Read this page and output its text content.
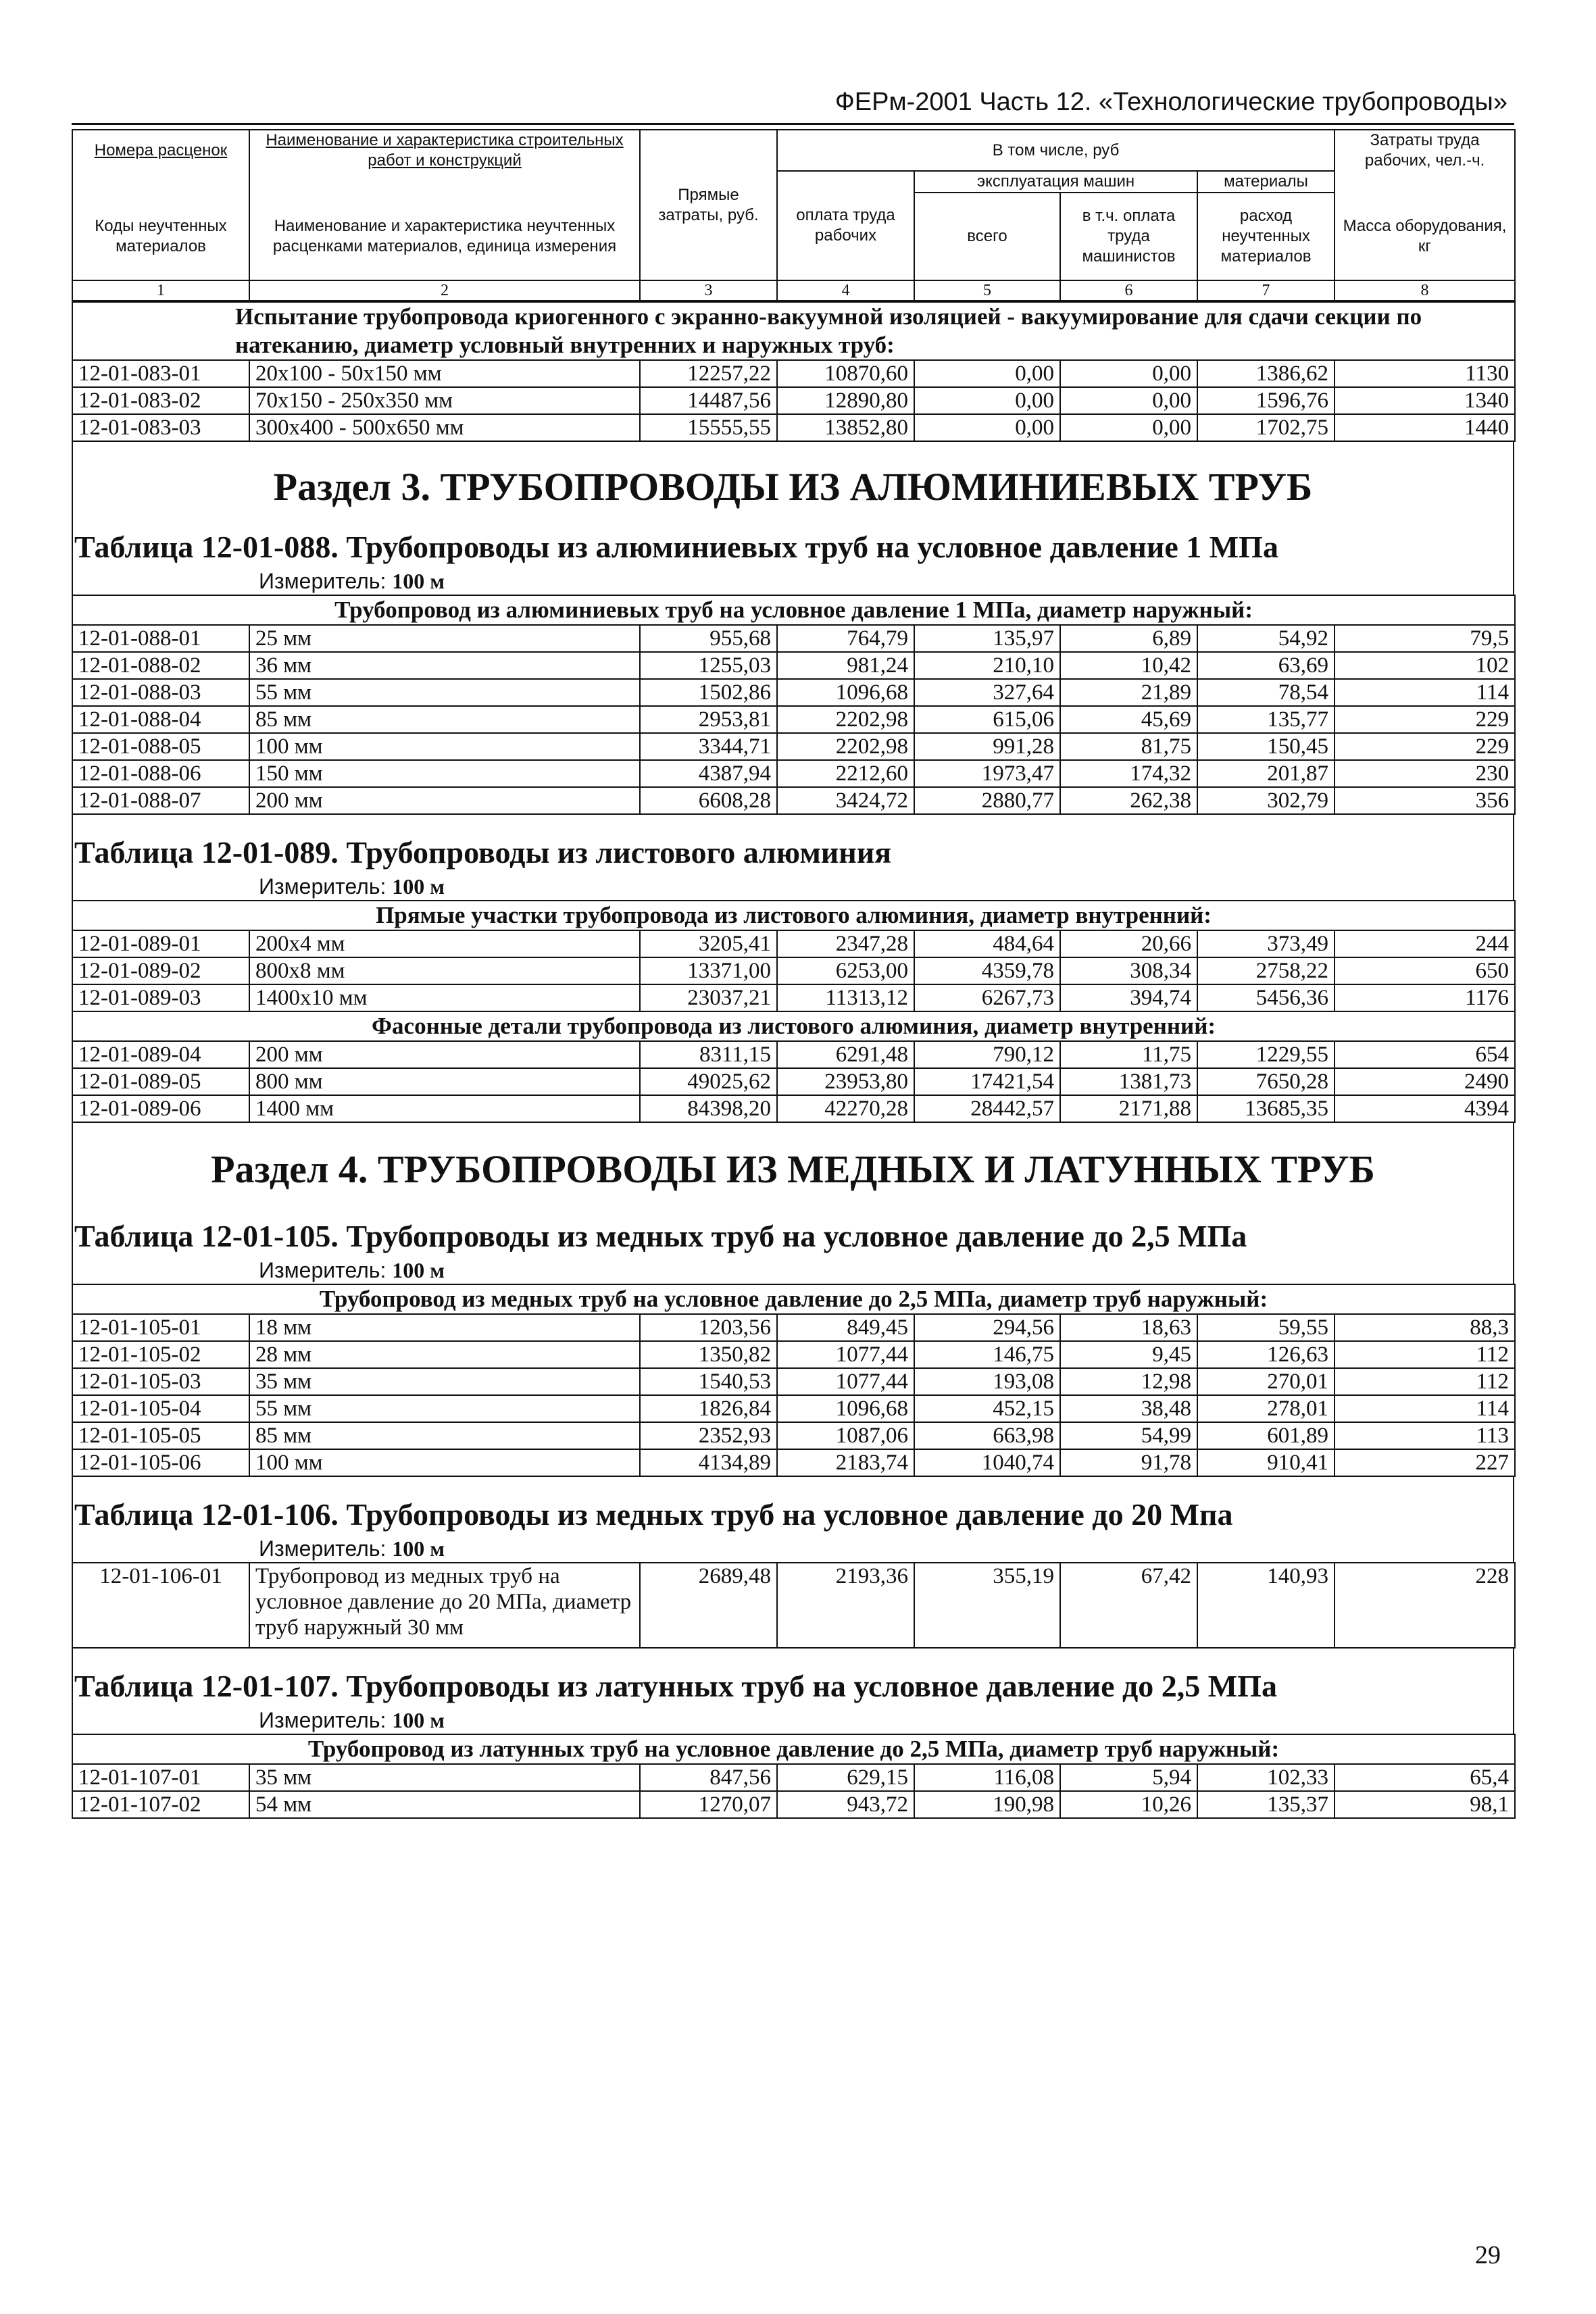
ФЕРм-2001 Часть 12. «Технологические трубопроводы»
Номера расценок	Наименование и характеристика строительных работ и конструкций	Прямые затраты, руб.	В том числе, руб				Затраты труда рабочих, чел.-ч.
			оплата труда рабочих	эксплуатация машин		материалы	
Коды неучтенных материалов	Наименование и характеристика неучтенных расценками материалов, единица измерения			всего	в т.ч. оплата труда машинистов	расход неучтенных материалов	Масса оборудования, кг
1	2	3	4	5	6	7	8
Испытание трубопровода криогенного с экранно-вакуумной изоляцией - вакуумирование для сдачи секции по натеканию, диаметр условный внутренних и наружных труб:							
12-01-083-01	20x100 - 50x150 мм	12257,22	10870,60	0,00	0,00	1386,62	1130
12-01-083-02	70x150 - 250x350 мм	14487,56	12890,80	0,00	0,00	1596,76	1340
12-01-083-03	300x400 - 500x650 мм	15555,55	13852,80	0,00	0,00	1702,75	1440
Раздел 3. ТРУБОПРОВОДЫ ИЗ АЛЮМИНИЕВЫХ ТРУБ
Таблица 12-01-088. Трубопроводы из алюминиевых труб на условное давление 1 МПа
Измеритель: 100 м
Трубопровод из алюминиевых труб на условное давление 1 МПа, диаметр наружный:							
12-01-088-01	25 мм	955,68	764,79	135,97	6,89	54,92	79,5
12-01-088-02	36 мм	1255,03	981,24	210,10	10,42	63,69	102
12-01-088-03	55 мм	1502,86	1096,68	327,64	21,89	78,54	114
12-01-088-04	85 мм	2953,81	2202,98	615,06	45,69	135,77	229
12-01-088-05	100 мм	3344,71	2202,98	991,28	81,75	150,45	229
12-01-088-06	150 мм	4387,94	2212,60	1973,47	174,32	201,87	230
12-01-088-07	200 мм	6608,28	3424,72	2880,77	262,38	302,79	356
Таблица 12-01-089. Трубопроводы из листового алюминия
Измеритель: 100 м
Прямые участки трубопровода из листового алюминия, диаметр внутренний:							
12-01-089-01	200x4 мм	3205,41	2347,28	484,64	20,66	373,49	244
12-01-089-02	800x8 мм	13371,00	6253,00	4359,78	308,34	2758,22	650
12-01-089-03	1400x10 мм	23037,21	11313,12	6267,73	394,74	5456,36	1176
Фасонные детали трубопровода из листового алюминия, диаметр внутренний:							
12-01-089-04	200 мм	8311,15	6291,48	790,12	11,75	1229,55	654
12-01-089-05	800 мм	49025,62	23953,80	17421,54	1381,73	7650,28	2490
12-01-089-06	1400 мм	84398,20	42270,28	28442,57	2171,88	13685,35	4394
Раздел 4. ТРУБОПРОВОДЫ ИЗ МЕДНЫХ И ЛАТУННЫХ ТРУБ
Таблица 12-01-105. Трубопроводы из медных труб на условное давление до 2,5 МПа
Измеритель: 100 м
Трубопровод из медных труб на условное давление до 2,5 МПа, диаметр труб наружный:							
12-01-105-01	18 мм	1203,56	849,45	294,56	18,63	59,55	88,3
12-01-105-02	28 мм	1350,82	1077,44	146,75	9,45	126,63	112
12-01-105-03	35 мм	1540,53	1077,44	193,08	12,98	270,01	112
12-01-105-04	55 мм	1826,84	1096,68	452,15	38,48	278,01	114
12-01-105-05	85 мм	2352,93	1087,06	663,98	54,99	601,89	113
12-01-105-06	100 мм	4134,89	2183,74	1040,74	91,78	910,41	227
Таблица 12-01-106. Трубопроводы из медных труб на условное давление до 20 Мпа
Измеритель: 100 м
12-01-106-01	Трубопровод из медных труб на условное давление до 20 МПа, диаметр труб наружный 30 мм	2689,48	2193,36	355,19	67,42	140,93	228
Таблица 12-01-107. Трубопроводы из латунных труб на условное давление до 2,5 МПа
Измеритель: 100 м
Трубопровод из латунных труб на условное давление до 2,5 МПа, диаметр труб наружный:							
12-01-107-01	35 мм	847,56	629,15	116,08	5,94	102,33	65,4
12-01-107-02	54 мм	1270,07	943,72	190,98	10,26	135,37	98,1
29
